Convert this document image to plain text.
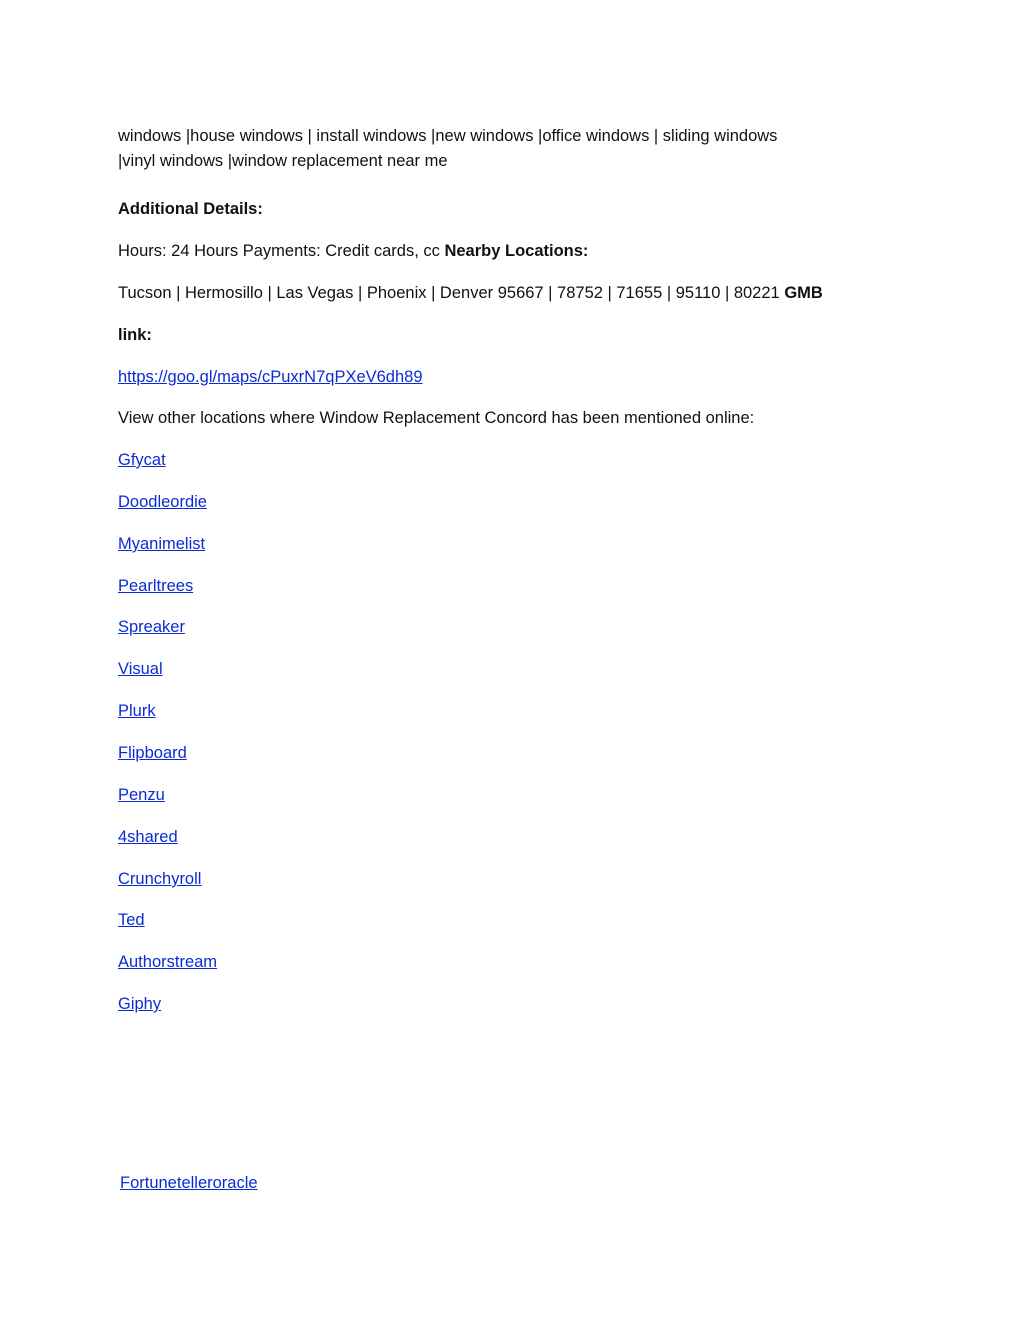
windows |house windows | install windows |new windows |office windows | sliding windows
|vinyl windows |window replacement near me
Additional Details:
Hours: 24 Hours Payments: Credit cards, cc Nearby Locations:
Tucson | Hermosillo | Las Vegas | Phoenix | Denver 95667 | 78752 | 71655 | 95110 | 80221 GMB
link:
https://goo.gl/maps/cPuxrN7qPXeV6dh89
View other locations where Window Replacement Concord has been mentioned online:
Gfycat
Doodleordie
Myanimelist
Pearltrees
Spreaker
Visual
Plurk
Flipboard
Penzu
4shared
Crunchyroll
Ted
Authorstream
Giphy
Fortunetelleroracle
